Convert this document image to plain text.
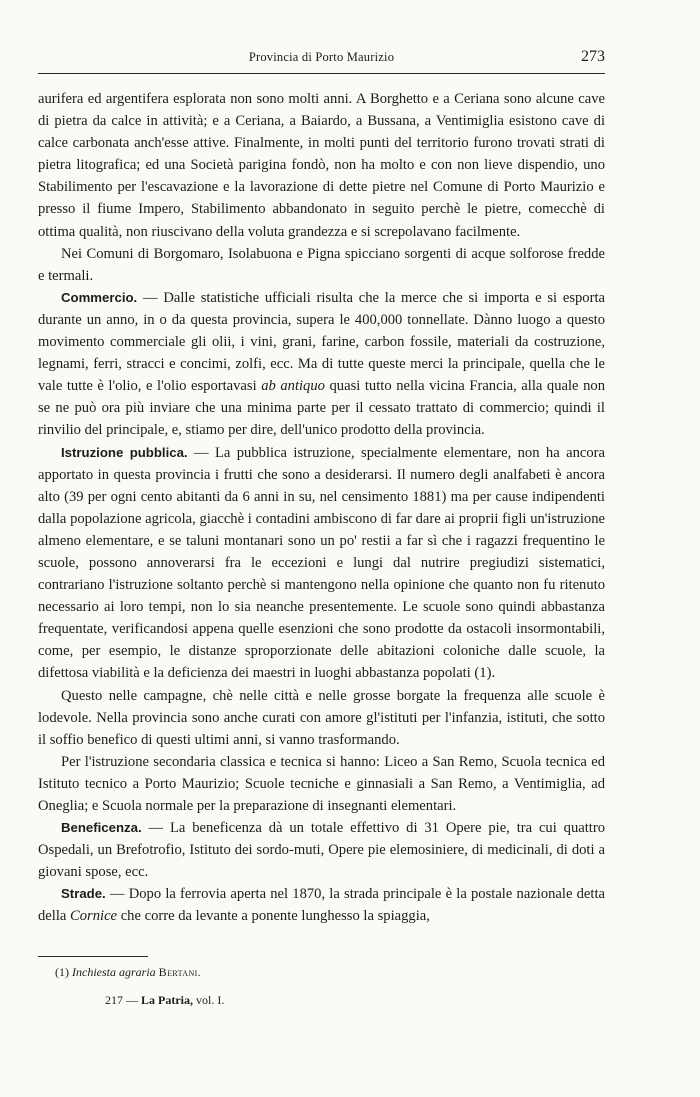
Provincia di Porto Maurizio	273

aurifera ed argentifera esplorata non sono molti anni. A Borghetto e a Ceriana sono alcune cave di pietra da calce in attività; e a Ceriana, a Baiardo, a Bussana, a Ventimiglia esistono cave di calce carbonata anch'esse attive. Finalmente, in molti punti del territorio furono trovati strati di pietra litografica; ed una Società parigina fondò, non ha molto e con non lieve dispendio, uno Stabilimento per l'escavazione e la lavorazione di dette pietre nel Comune di Porto Maurizio e presso il fiume Impero, Stabilimento abbandonato in seguito perchè le pietre, comecchè di ottima qualità, non riuscivano della voluta grandezza e si screpolavano facilmente.

Nei Comuni di Borgomaro, Isolabuona e Pigna spicciano sorgenti di acque solforose fredde e termali.

Commercio. — Dalle statistiche ufficiali risulta che la merce che si importa e si esporta durante un anno, in o da questa provincia, supera le 400,000 tonnellate. Dànno luogo a questo movimento commerciale gli olii, i vini, grani, farine, carbon fossile, materiali da costruzione, legnami, ferri, stracci e concimi, zolfi, ecc. Ma di tutte queste merci la principale, quella che le vale tutte è l'olio, e l'olio esportavasi ab antiquo quasi tutto nella vicina Francia, alla quale non se ne può ora più inviare che una minima parte per il cessato trattato di commercio; quindi il rinvilio del principale, e, stiamo per dire, dell'unico prodotto della provincia.

Istruzione pubblica. — La pubblica istruzione, specialmente elementare, non ha ancora apportato in questa provincia i frutti che sono a desiderarsi. Il numero degli analfabeti è ancora alto (39 per ogni cento abitanti da 6 anni in su, nel censimento 1881) ma per cause indipendenti dalla popolazione agricola, giacchè i contadini ambiscono di far dare ai proprii figli un'istruzione almeno elementare, e se taluni montanari sono un po' restii a far sì che i ragazzi frequentino le scuole, possono annoverarsi fra le eccezioni e lungi dal nutrire pregiudizi sistematici, contrariano l'istruzione soltanto perchè si mantengono nella opinione che quanto non fu ritenuto necessario ai loro tempi, non lo sia neanche presentemente. Le scuole sono quindi abbastanza frequentate, verificandosi appena quelle esenzioni che sono prodotte da ostacoli insormontabili, come, per esempio, le distanze sproporzionate delle abitazioni coloniche dalle scuole, la difettosa viabilità e la deficienza dei maestri in luoghi abbastanza popolati (1).

Questo nelle campagne, chè nelle città e nelle grosse borgate la frequenza alle scuole è lodevole. Nella provincia sono anche curati con amore gl'istituti per l'infanzia, istituti, che sotto il soffio benefico di questi ultimi anni, si vanno trasformando.

Per l'istruzione secondaria classica e tecnica si hanno: Liceo a San Remo, Scuola tecnica ed Istituto tecnico a Porto Maurizio; Scuole tecniche e ginnasiali a San Remo, a Ventimiglia, ad Oneglia; e Scuola normale per la preparazione di insegnanti elementari.

Beneficenza. — La beneficenza dà un totale effettivo di 31 Opere pie, tra cui quattro Ospedali, un Brefotrofio, Istituto dei sordo-muti, Opere pie elemosiniere, di medicinali, di doti a giovani spose, ecc.

Strade. — Dopo la ferrovia aperta nel 1870, la strada principale è la postale nazionale detta della Cornice che corre da levante a ponente lunghesso la spiaggia,

(1) Inchiesta agraria Bertani.
217 — La Patria, vol. I.
